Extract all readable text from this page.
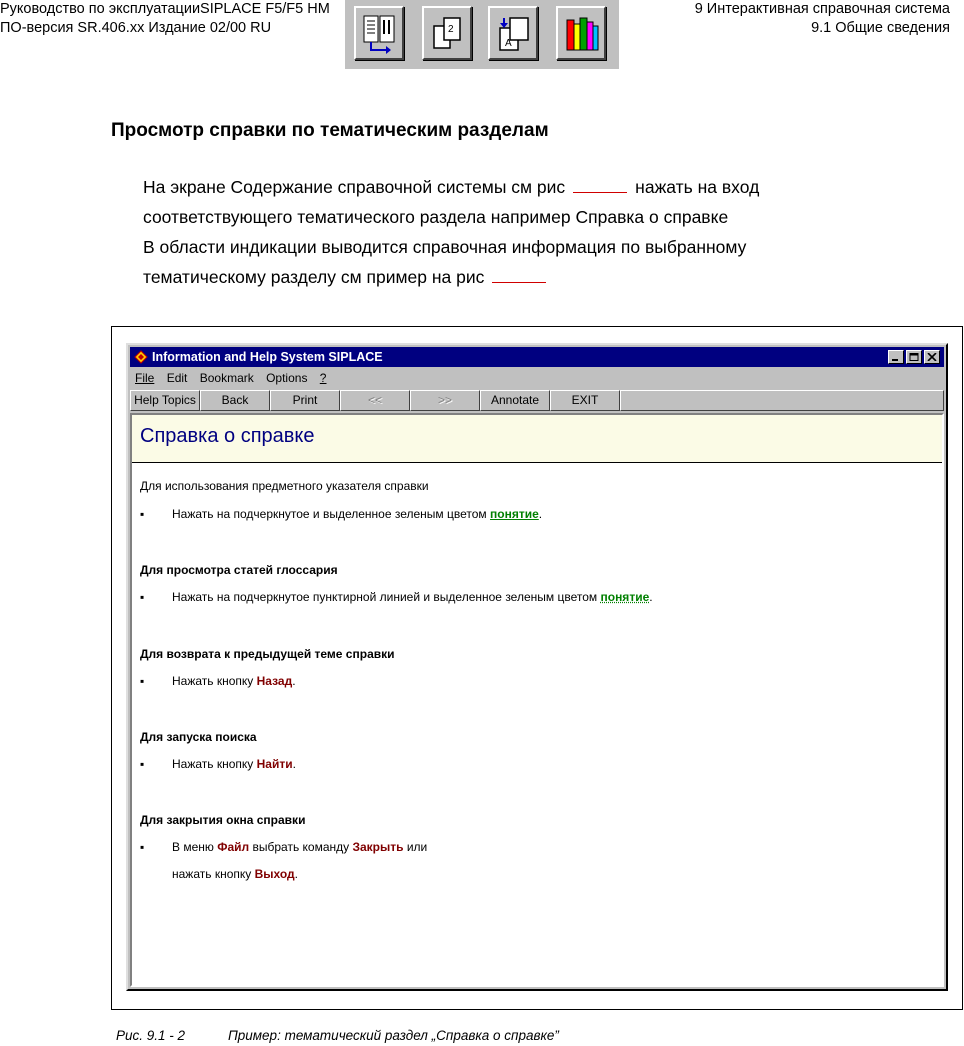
Руководство по эксплуатацииSIPLACE F5/F5 HM
ПО-версия SR.406.xx Издание 02/00 RU
9 Интерактивная справочная система
9.1 Общие сведения
2
A
Просмотр справки по тематическим разделам
На экране Содержание справочной системы см рис	нажать на вход
соответствующего тематического раздела например Справка о справке
В области индикации выводится справочная информация по выбранному
тематическому разделу см пример на рис
Information and Help System SIPLACE
File Edit Bookmark Options ?
Help Topics	Back	Print	<<	>>	Annotate	EXIT
Справка о справке
Для использования предметного указателя справки
▪ Нажать на подчеркнутое и выделенное зеленым цветом понятие.
Для просмотра статей глоссария
▪ Нажать на подчеркнутое пунктирной линией и выделенное зеленым цветом понятие.
Для возврата к предыдущей теме справки
▪ Нажать кнопку Назад.
Для запуска поиска
▪ Нажать кнопку Найти.
Для закрытия окна справки
▪ В меню Файл выбрать команду Закрыть или
нажать кнопку Выход.
Рис. 9.1 - 2	Пример: тематический раздел „Справка о справке”
